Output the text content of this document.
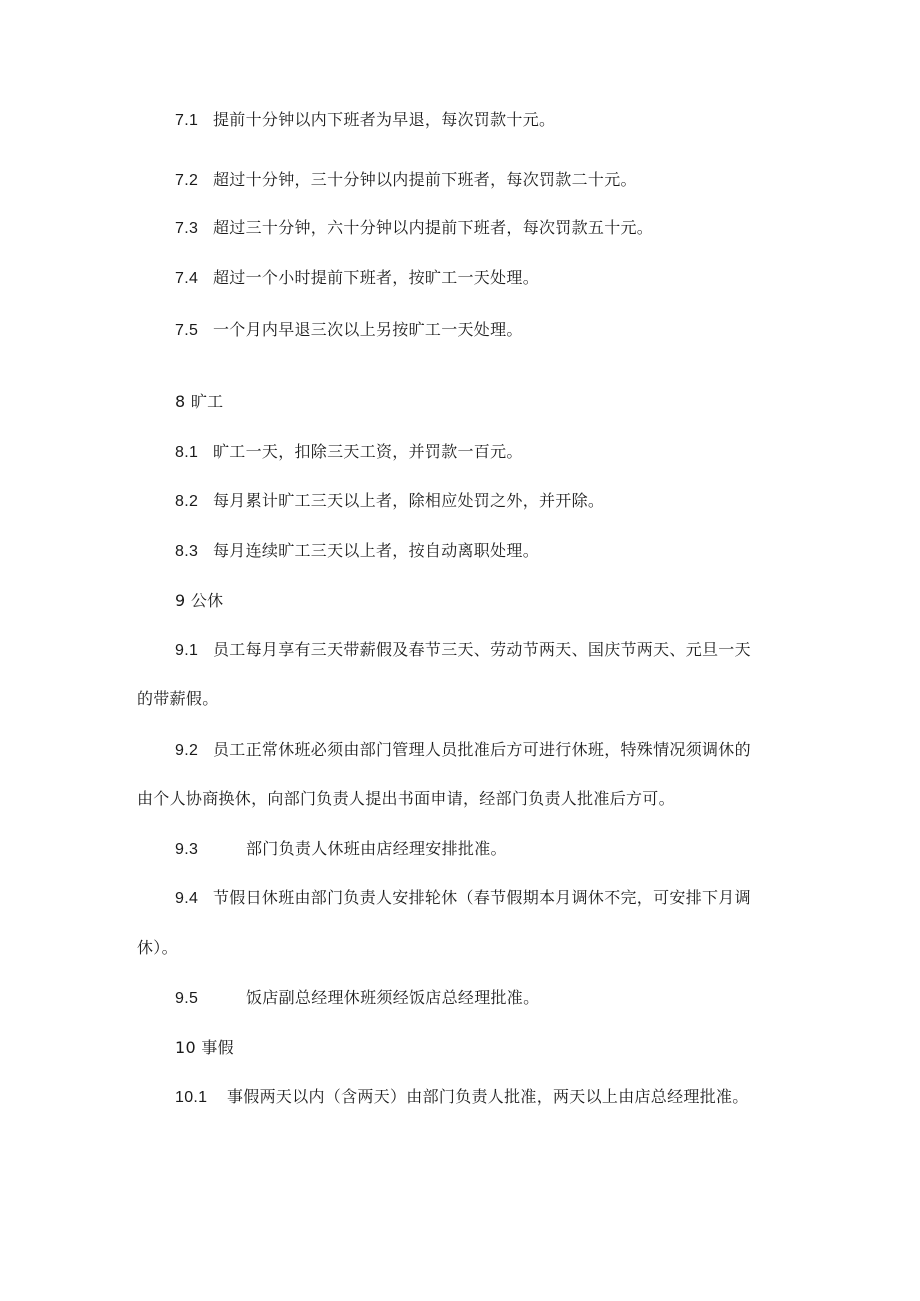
7.1 提前十分钟以内下班者为早退，每次罚款十元。
7.2 超过十分钟，三十分钟以内提前下班者，每次罚款二十元。
7.3 超过三十分钟，六十分钟以内提前下班者，每次罚款五十元。
7.4 超过一个小时提前下班者，按旷工一天处理。
7.5 一个月内早退三次以上另按旷工一天处理。
8 旷工
8.1 旷工一天，扣除三天工资，并罚款一百元。
8.2 每月累计旷工三天以上者，除相应处罚之外，并开除。
8.3 每月连续旷工三天以上者，按自动离职处理。
9 公休
9.1 员工每月享有三天带薪假及春节三天、劳动节两天、国庆节两天、元旦一天
的带薪假。
9.2 员工正常休班必须由部门管理人员批准后方可进行休班，特殊情况须调休的
由个人协商换休，向部门负责人提出书面申请，经部门负责人批准后方可。
9.3	部门负责人休班由店经理安排批准。
9.4 节假日休班由部门负责人安排轮休（春节假期本月调休不完，可安排下月调
休）。
9.5	饭店副总经理休班须经饭店总经理批准。
10 事假
10.1 事假两天以内（含两天）由部门负责人批准，两天以上由店总经理批准。
